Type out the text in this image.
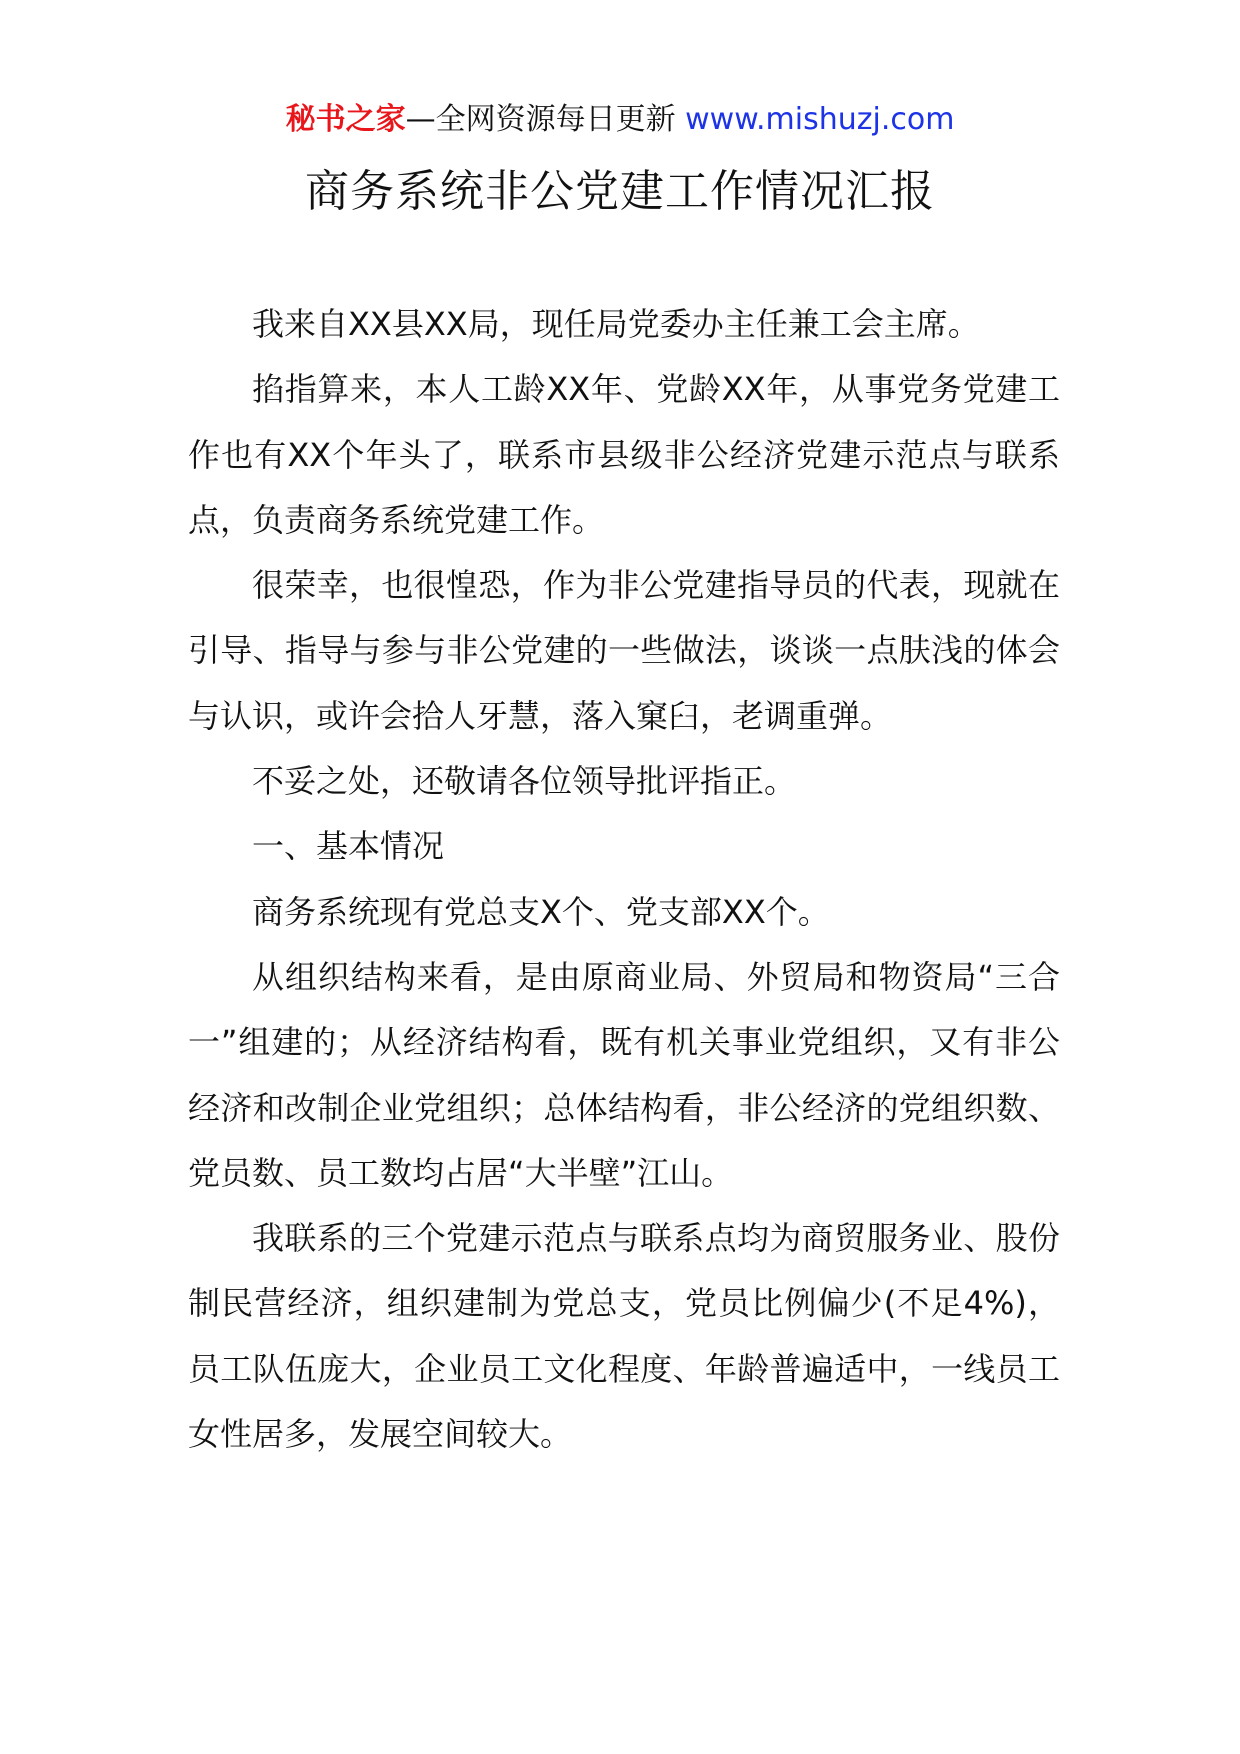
秘书之家—全网资源每日更新 www.mishuzj.com
商务系统非公党建工作情况汇报

我来自XX县XX局，现任局党委办主任兼工会主席。

掐指算来，本人工龄XX年、党龄XX年，从事党务党建工作也有XX个年头了，联系市县级非公经济党建示范点与联系点，负责商务系统党建工作。

很荣幸，也很惶恐，作为非公党建指导员的代表，现就在引导、指导与参与非公党建的一些做法，谈谈一点肤浅的体会与认识，或许会拾人牙慧，落入窠臼，老调重弹。

不妥之处，还敬请各位领导批评指正。

一、基本情况

商务系统现有党总支X个、党支部XX个。

从组织结构来看，是由原商业局、外贸局和物资局“三合一”组建的；从经济结构看，既有机关事业党组织，又有非公经济和改制企业党组织；总体结构看，非公经济的党组织数、党员数、员工数均占居“大半壁”江山。

我联系的三个党建示范点与联系点均为商贸服务业、股份制民营经济，组织建制为党总支，党员比例偏少(不足4%)，员工队伍庞大，企业员工文化程度、年龄普遍适中，一线员工女性居多，发展空间较大。
